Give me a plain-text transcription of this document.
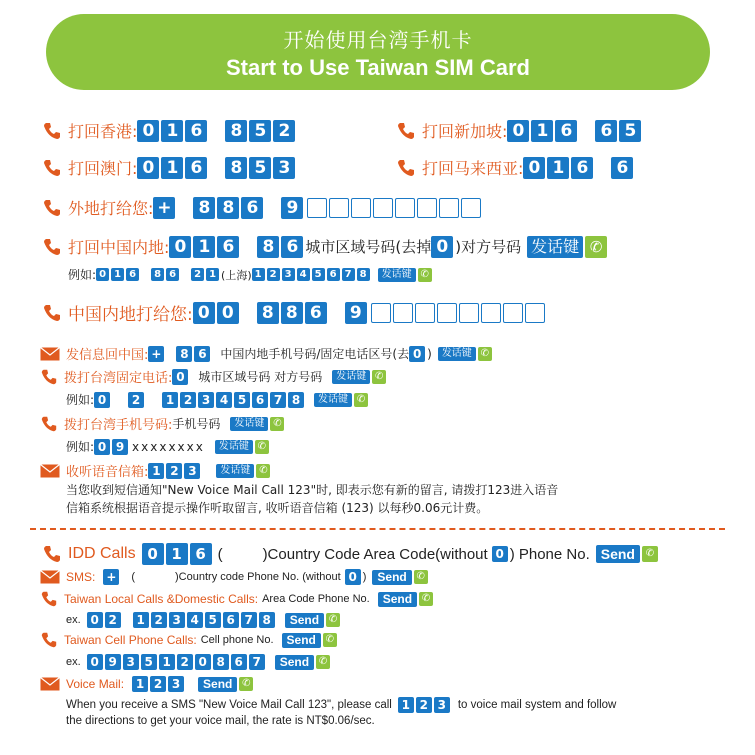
开始使用台湾手机卡
Start to Use Taiwan SIM Card
打回香港: 0 1 6 8 5 2	打回新加坡: 0 1 6 6 5
打回澳门: 0 1 6 8 5 3	打回马来西亚: 0 1 6 6
外地打给您: + 8 8 6 9
打回中国内地: 0 1 6 8 6 城市区域号码(去掉 0 )对方号码 发话键 ✆
例如: 0 1 6	8 6	2 1 (上海) 1 2 3 4 5 6 7 8	发话键 ✆
中国内地打给您: 0 0 8 8 6 9
发信息回中国: +	8 6	中国内地手机号码/固定电话区号(去 0 )	发话键 ✆
拨打台湾固定电话: 0	城市区域号码 对方号码	发话键 ✆
例如: 0	2	1 2 3 4 5 6 7 8	发话键 ✆
拨打台湾手机号码: 手机号码	发话键 ✆
例如: 0 9 xxxxxxxx	发话键 ✆
收听语音信箱: 1 2 3	发话键 ✆
当您收到短信通知"New Voice Mail Call 123"时, 即表示您有新的留言, 请拨打123进入语音
信箱系统根据语音提示操作听取留言, 收听语音信箱 (123) 以每秒0.06元计费。
IDD Calls 0 1 6 (	)Country Code Area Code(without 0 ) Phone No. Send	✆
SMS: + (	)Country code Phone No. (without 0 ) Send ✆
Taiwan Local Calls &Domestic Calls: Area Code Phone No.	Send ✆
ex. 0 2	1 2 3 4 5 6 7 8	Send ✆
Taiwan Cell Phone Calls: Cell phone No.	Send ✆
ex. 0 9 3 5 1 2 0 8 6 7	Send ✆
Voice Mail: 1 2 3	Send ✆
When you receive a SMS "New Voice Mail Call 123", please call 1 2 3	to voice mail system and follow
the directions to get your voice mail, the rate is NT$0.06/sec.
